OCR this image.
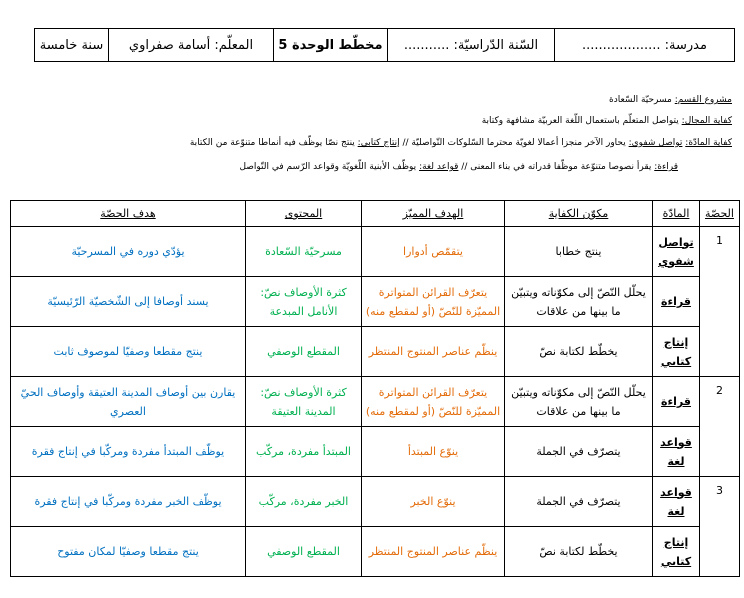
مدرسة: ...................
السّنة الدّراسيّة: ...........
مخطّط الوحدة 5
المعلّم: أسامة صفراوي
سنة خامسة
مشروع القسم: مسرحيّة السّعادة
كفاية المجال: يتواصل المتعلّم باستعمال اللّغة العربيّة مشافهة وكتابة
كفاية المادّة: تواصل شفوي: يحاور الآخر منجزا أعمالا لغويّة محترما السّلوكات التّواصليّة // إنتاج كتابي: ينتج نصّا يوظّف فيه أنماطا متنوّعة من الكتابة
قراءة: يقرأ نصوصا متنوّعة موظّفا قدراته في بناء المعنى // قواعد لغة: يوظّف الأبنية اللّغويّة وقواعد الرّسم في التّواصل
الحصّة	المادّة	مكوّن الكفاية	الهدف المميّز	المحتوى	هدف الحصّة
1	تواصل شفوي	ينتج خطابا	يتقمّص أدوارا	مسرحيّة السّعادة	يؤدّي دوره في المسرحيّة
	قراءة	يحلّل النّصّ إلى مكوّناته ويتبيّن ما بينها من علاقات	يتعرّف القرائن المتواترة المميّزة للنّصّ (أو لمقطع منه)	كثرة الأوصاف نصّ: الأنامل المبدعة	يسند أوصافا إلى الشّخصيّة الرّئيسيّة
	إنتاج كتابي	يخطّط لكتابة نصّ	ينظّم عناصر المنتوج المنتظر	المقطع الوصفي	ينتج مقطعا وصفيّا لموصوف ثابت
2	قراءة	يحلّل النّصّ إلى مكوّناته ويتبيّن ما بينها من علاقات	يتعرّف القرائن المتواترة المميّزة للنّصّ (أو لمقطع منه)	كثرة الأوصاف نصّ: المدينة العتيقة	يقارن بين أوصاف المدينة العتيقة وأوصاف الحيّ العصري
	قواعد لغة	يتصرّف في الجملة	ينوّع المبتدأ	المبتدأ مفردة، مركّب	يوظّف المبتدأ مفردة ومركّبا في إنتاج فقرة
3	قواعد لغة	يتصرّف في الجملة	ينوّع الخبر	الخبر مفردة، مركّب	يوظّف الخبر مفردة ومركّبا في إنتاج فقرة
	إنتاج كتابي	يخطّط لكتابة نصّ	ينظّم عناصر المنتوج المنتظر	المقطع الوصفي	ينتج مقطعا وصفيّا لمكان مفتوح
